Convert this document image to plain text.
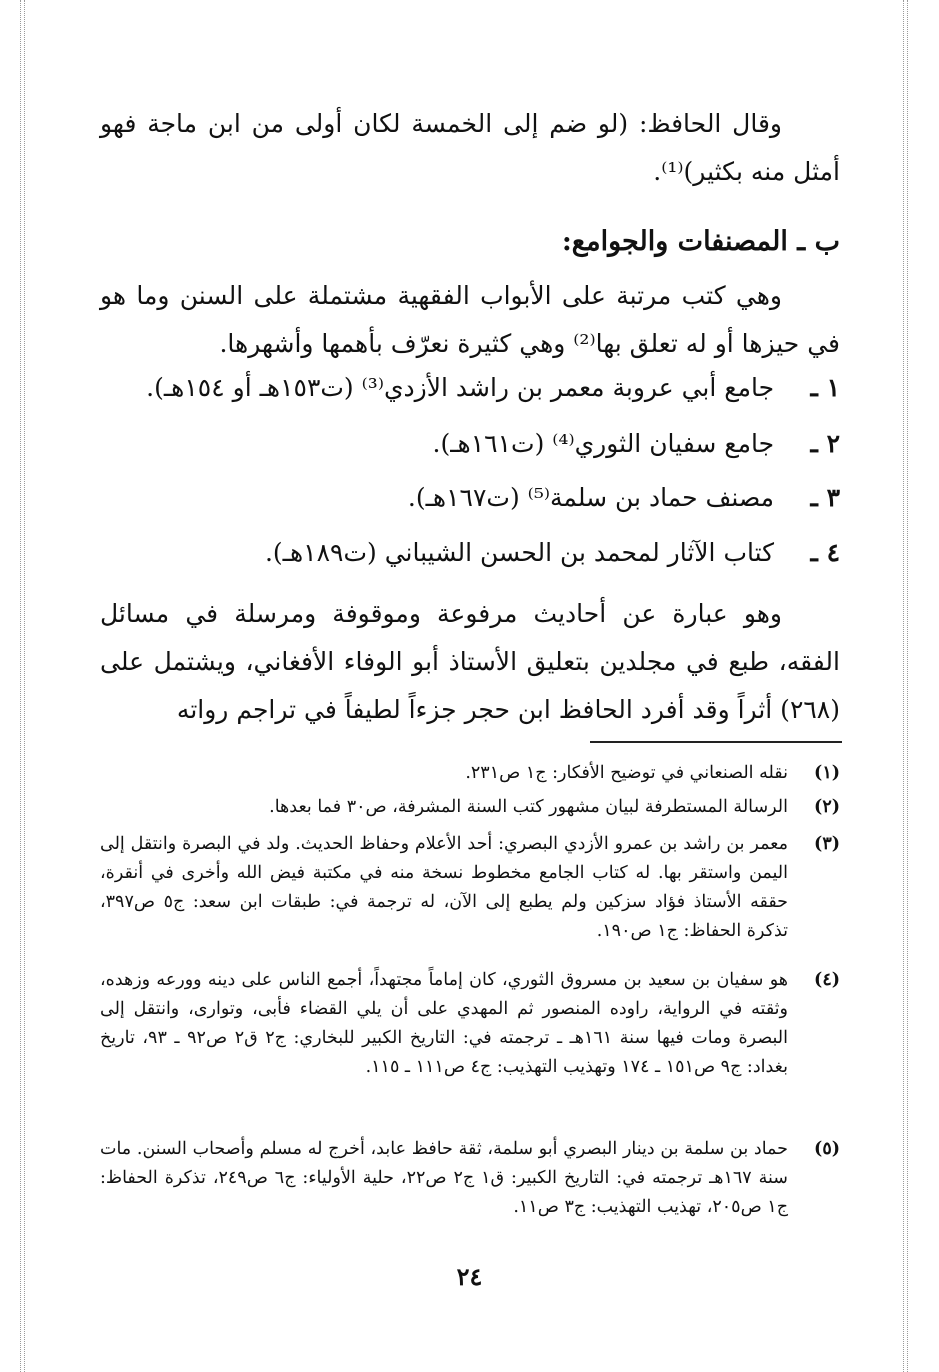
وقال الحافظ: (لو ضم إلى الخمسة لكان أولى من ابن ماجة فهو أمثل منه بكثير)⁽¹⁾.
ب ـ المصنفات والجوامع:
وهي كتب مرتبة على الأبواب الفقهية مشتملة على السنن وما هو في حيزها أو له تعلق بها⁽²⁾ وهي كثيرة نعرّف بأهمها وأشهرها.
١ ـ جامع أبي عروبة معمر بن راشد الأزدي⁽³⁾ (ت١٥٣هـ أو ١٥٤هـ).
٢ ـ جامع سفيان الثوري⁽⁴⁾ (ت١٦١هـ).
٣ ـ مصنف حماد بن سلمة⁽⁵⁾ (ت١٦٧هـ).
٤ ـ كتاب الآثار لمحمد بن الحسن الشيباني (ت١٨٩هـ).
وهو عبارة عن أحاديث مرفوعة وموقوفة ومرسلة في مسائل الفقه، طبع في مجلدين بتعليق الأستاذ أبو الوفاء الأفغاني، ويشتمل على (٢٦٨) أثراً وقد أفرد الحافظ ابن حجر جزءاً لطيفاً في تراجم رواته
(١)
نقله الصنعاني في توضيح الأفكار: ج١ ص٢٣١.
(٢)
الرسالة المستطرفة لبيان مشهور كتب السنة المشرفة، ص٣٠ فما بعدها.
(٣)
معمر بن راشد بن عمرو الأزدي البصري: أحد الأعلام وحفاظ الحديث. ولد في البصرة وانتقل إلى اليمن واستقر بها. له كتاب الجامع مخطوط نسخة منه في مكتبة فيض الله وأخرى في أنقرة، حققه الأستاذ فؤاد سزكين ولم يطبع إلى الآن، له ترجمة في: طبقات ابن سعد: ج٥ ص٣٩٧، تذكرة الحفاظ: ج١ ص١٩٠.
(٤)
هو سفيان بن سعيد بن مسروق الثوري، كان إماماً مجتهداً، أجمع الناس على دينه وورعه وزهده، وثقته في الرواية، راوده المنصور ثم المهدي على أن يلي القضاء فأبى، وتوارى، وانتقل إلى البصرة ومات فيها سنة ١٦١هـ ـ ترجمته في: التاريخ الكبير للبخاري: ج٢ ق٢ ص٩٢ ـ ٩٣، تاريخ بغداد: ج٩ ص١٥١ ـ ١٧٤ وتهذيب التهذيب: ج٤ ص١١١ ـ ١١٥.
(٥)
حماد بن سلمة بن دينار البصري أبو سلمة، ثقة حافظ عابد، أخرج له مسلم وأصحاب السنن. مات سنة ١٦٧هـ ترجمته في: التاريخ الكبير: ق١ ج٢ ص٢٢، حلية الأولياء: ج٦ ص٢٤٩، تذكرة الحفاظ: ج١ ص٢٠٥، تهذيب التهذيب: ج٣ ص١١.
٢٤
